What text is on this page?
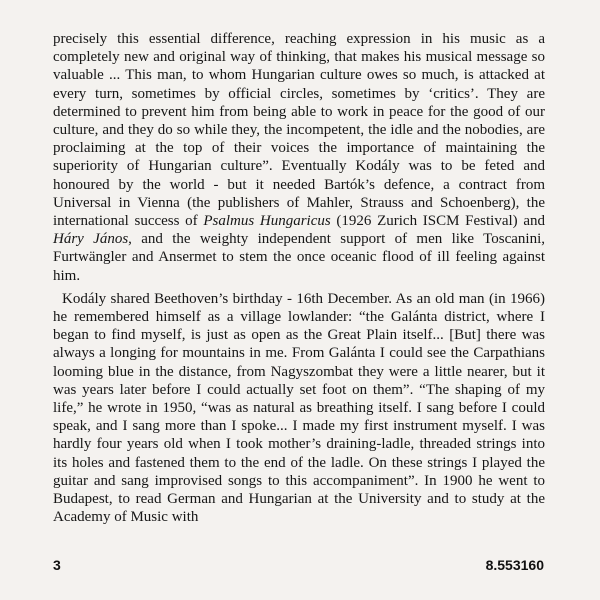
precisely this essential difference, reaching expression in his music as a completely new and original way of thinking, that makes his musical message so valuable ... This man, to whom Hungarian culture owes so much, is attacked at every turn, sometimes by official circles, sometimes by ‘critics’. They are determined to prevent him from being able to work in peace for the good of our culture, and they do so while they, the incompetent, the idle and the nobodies, are proclaiming at the top of their voices the importance of maintaining the superiority of Hungarian culture”. Eventually Kodály was to be feted and honoured by the world - but it needed Bartók’s defence, a contract from Universal in Vienna (the publishers of Mahler, Strauss and Schoenberg), the international success of Psalmus Hungaricus (1926 Zurich ISCM Festival) and Háry János, and the weighty independent support of men like Toscanini, Furtwängler and Ansermet to stem the once oceanic flood of ill feeling against him.

Kodály shared Beethoven’s birthday - 16th December. As an old man (in 1966) he remembered himself as a village lowlander: “the Galánta district, where I began to find myself, is just as open as the Great Plain itself... [But] there was always a longing for mountains in me. From Galánta I could see the Carpathians looming blue in the distance, from Nagyszombat they were a little nearer, but it was years later before I could actually set foot on them”. “The shaping of my life,” he wrote in 1950, “was as natural as breathing itself. I sang before I could speak, and I sang more than I spoke... I made my first instrument myself. I was hardly four years old when I took mother’s draining-ladle, threaded strings into its holes and fastened them to the end of the ladle. On these strings I played the guitar and sang improvised songs to this accompaniment”. In 1900 he went to Budapest, to read German and Hungarian at the University and to study at the Academy of Music with

3	8.553160
